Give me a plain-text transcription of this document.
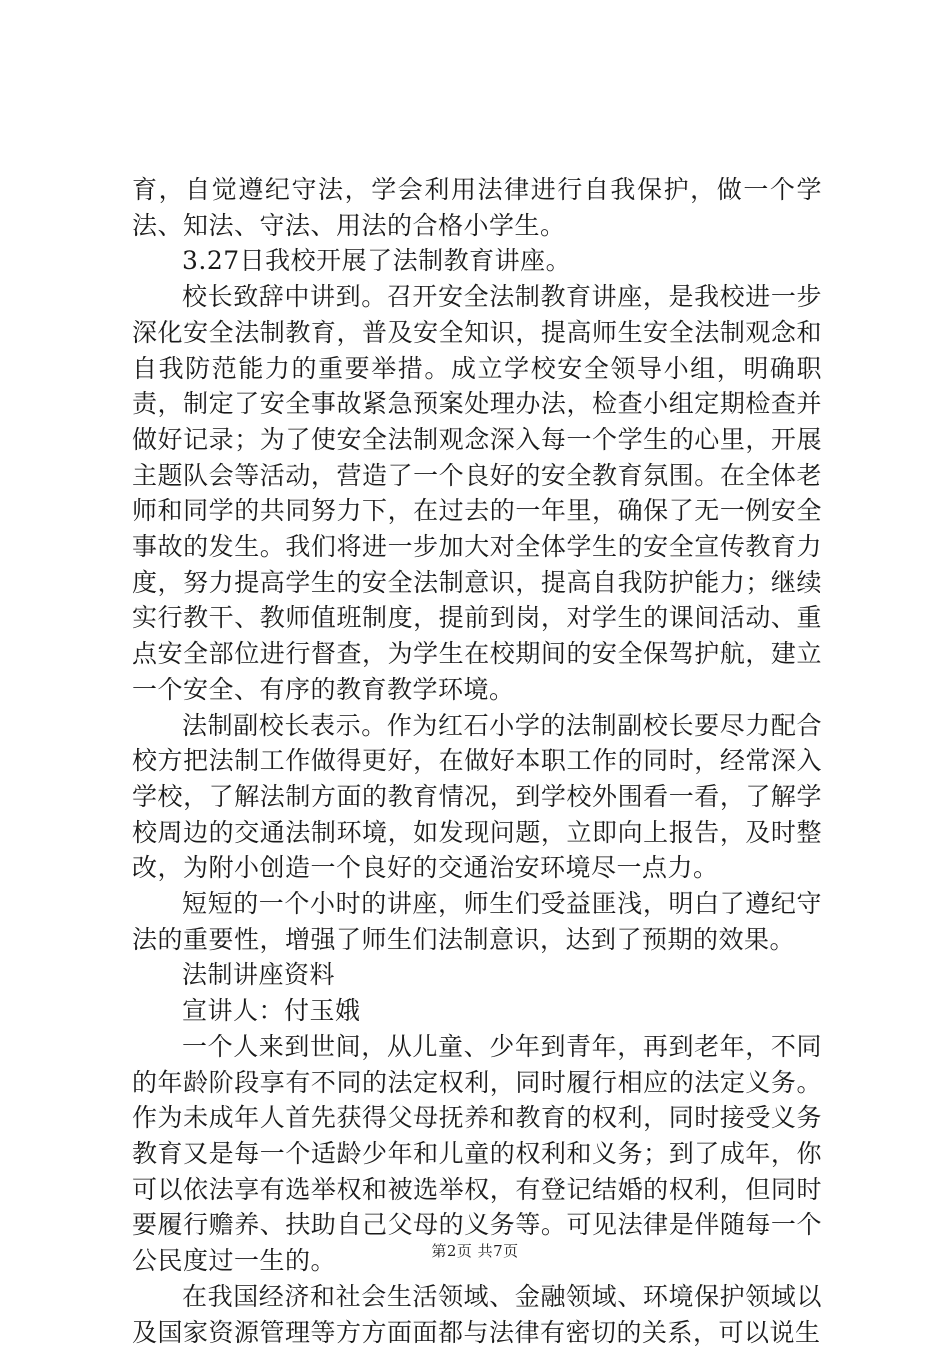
育，自觉遵纪守法，学会利用法律进行自我保护，做一个学法、知法、守法、用法的合格小学生。

3.27日我校开展了法制教育讲座。

校长致辞中讲到。召开安全法制教育讲座，是我校进一步深化安全法制教育，普及安全知识，提高师生安全法制观念和自我防范能力的重要举措。成立学校安全领导小组，明确职责，制定了安全事故紧急预案处理办法，检查小组定期检查并做好记录；为了使安全法制观念深入每一个学生的心里，开展主题队会等活动，营造了一个良好的安全教育氛围。在全体老师和同学的共同努力下，在过去的一年里，确保了无一例安全事故的发生。我们将进一步加大对全体学生的安全宣传教育力度，努力提高学生的安全法制意识，提高自我防护能力；继续实行教干、教师值班制度，提前到岗，对学生的课间活动、重点安全部位进行督查，为学生在校期间的安全保驾护航，建立一个安全、有序的教育教学环境。

法制副校长表示。作为红石小学的法制副校长要尽力配合校方把法制工作做得更好，在做好本职工作的同时，经常深入学校，了解法制方面的教育情况，到学校外围看一看，了解学校周边的交通法制环境，如发现问题，立即向上报告，及时整改，为附小创造一个良好的交通治安环境尽一点力。

短短的一个小时的讲座，师生们受益匪浅，明白了遵纪守法的重要性，增强了师生们法制意识，达到了预期的效果。

法制讲座资料

宣讲人：付玉娥

一个人来到世间，从儿童、少年到青年，再到老年，不同的年龄阶段享有不同的法定权利，同时履行相应的法定义务。作为未成年人首先获得父母抚养和教育的权利，同时接受义务教育又是每一个适龄少年和儿童的权利和义务；到了成年，你可以依法享有选举权和被选举权，有登记结婚的权利，但同时要履行赡养、扶助自己父母的义务等。可见法律是伴随每一个公民度过一生的。

在我国经济和社会生活领域、金融领域、环境保护领域以及国家资源管理等方方面面都与法律有密切的关系，可以说生

第2页 共7页
